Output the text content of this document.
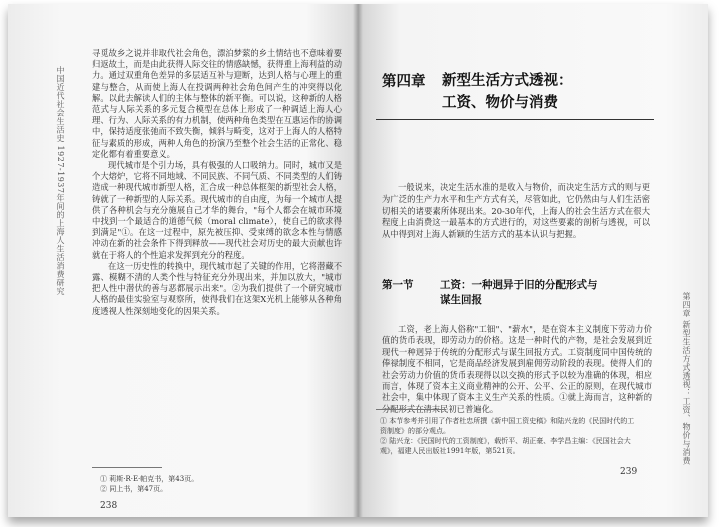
中国近代社会生活史 1927-1937年间的上海人生活消费研究

寻觅故乡之说并非取代社会角色，漂泊梦萦的乡土情结也不意味着要归返故土，而是由此获得人际交往的情感缺憾，获得重上海利益的动力。通过双重角色差异的多层适互补与迎断，达到人格与心理上的重建与整合，从而使上海人在投调两种社会角色间产生的冲突得以化解。以此去解读人们的主体与整体的新平衡。可以说，这种新的人格范式与人际关系的多元复合模型在总体上形成了一种调适上海人心理、行为、人际关系的有力机制，使两种角色类型在互惠运作的协调中，保持适度张弛而不致失衡，倾斜与畸变，这对于上海人的人格特征与素质的形成，两种人角色的扮演乃至整个社会生活的正常化、稳定化都有着重要意义。

现代城市是个引力场，具有极强的人口吸纳力。同时，城市又是个大熔炉，它将不同地域、不同民族、不同气质、不同类型的人们铸造成一种现代城市新型人格，汇合成一种总体框架的新型社会人格，铸就了一种新型的人际关系。现代城市的自由度，为每一个城市人提供了各种机会与充分施展自己才华的舞台，"每个人都会在城市环境中找到一个最适合的道德气候（moral climate），使自己的欲求得到满足"①。在这一过程中，原先被压抑、受束缚的欲念本性与情感冲动在新的社会条件下得到释放——现代社会对历史的最大贡献也许就在于将人的个性追求发挥到充分的程度。

在这一历史性的转换中，现代城市起了关键的作用，它将潜藏不露、模糊不清的人类个性与特征充分外现出来，并加以放大，"城市把人性中潜伏的善与恶都展示出来"。②为我们提供了一个研究城市人格的最佳实验室与观察所，使得我们在这架X光机上能够从各种角度透视人性深刻地变化的因果关系。

① 莉斯·R·E·帕克书，第43页。
② 同上书，第47页。
238
第四章 新型生活方式透视：
工资、物价与消费

一般说来，决定生活水准的是收入与物价，而决定生活方式的则与更为广泛的生产力水平和生产方式有关，尽管如此，它仍然由与人们生活密切相关的诸要素所体现出来。20-30年代，上海人的社会生活方式在很大程度上由消费这一最基本的方式进行的，对这些要素的剖析与透视，可以从中得到对上海人新颖的生活方式的基本认识与把握。

第一节	工资：一种迥异于旧的分配形式与
谋生回报

工资，老上海人俗称"工钿"、"薪水"，是在资本主义制度下劳动力价值的货币表现，即劳动力的价格。这是一种时代的产物，是社会发展到近现代一种迥异于传统的分配形式与谋生回报方式。工资制度同中国传统的俸禄制度不相同，它是商品经济发展到雇佣劳动阶段的表现。使得人们的社会劳动力价值的货币表现得以以交换的形式予以较为准确的体现，相应而言，体现了资本主义商业精神的公开、公平、公正的原则，在现代城市社会中，集中体现了资本主义生产关系的性质。①就上海而言，这种新的分配形式在清末民初已普遍化。

① 本节参考并引用了作者杜忠所撰《新中国工资史稿》和陆兴龙的《民国时代的工资制度》的部分观点。
② 陆兴龙：《民国时代的工资制度》，载忻平、胡正豪、李学昌主编：《民国社会大观》，福建人民出版社1991年版，第521页。
239
第四章 新型生活方式透视：工资、物价与消费
